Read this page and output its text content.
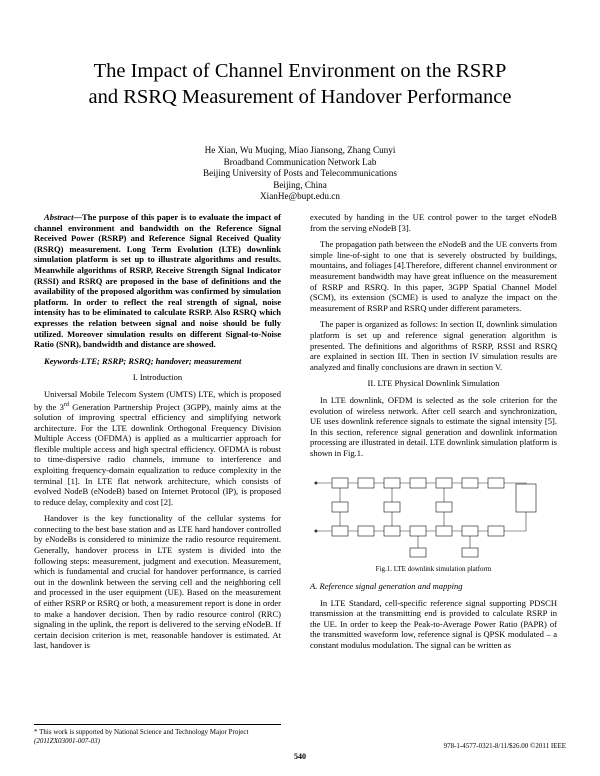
The Impact of Channel Environment on the RSRP
and RSRQ Measurement of Handover Performance
He Xian, Wu Muqing, Miao Jiansong, Zhang Cunyi
Broadband Communication Network Lab
Beijing University of Posts and Telecommunications
Beijing, China
XianHe@bupt.edu.cn

Abstract—The purpose of this paper is to evaluate the impact of channel environment and bandwidth on the Reference Signal Received Power (RSRP) and Reference Signal Received Quality (RSRQ) measurement. Long Term Evolution (LTE) downlink simulation platform is set up to illustrate algorithms and results. Meanwhile algorithms of RSRP, Receive Strength Signal Indicator (RSSI) and RSRQ are proposed in the base of definitions and the availability of the proposed algorithm was confirmed by simulation platform. In order to reflect the real strength of signal, noise intensity has to be eliminated to calculate RSRP. Also RSRQ which expresses the relation between signal and noise should be fully utilized. Moreover simulation results on different Signal-to-Noise Ratio (SNR), bandwidth and distance are showed.

Keywords-LTE; RSRP; RSRQ; handover; measurement

I. Introduction

Universal Mobile Telecom System (UMTS) LTE, which is proposed by the 3rd Generation Partnership Project (3GPP), mainly aims at the solution of improving spectral efficiency and simplifying network architecture. For the LTE downlink Orthogonal Frequency Division Multiple Access (OFDMA) is applied as a multicarrier approach for flexible multiple access and high spectral efficiency. OFDMA is robust to time-dispersive radio channels, immune to interference and exploiting frequency-domain equalization to reduce complexity in the terminal [1]. In LTE flat network architecture, which consists of evolved NodeB (eNodeB) based on Internet Protocol (IP), is proposed to reduce delay, complexity and cost [2].

Handover is the key functionality of the cellular systems for connecting to the best base station and as LTE hard handover controlled by eNodeBs is considered to minimize the radio resource requirement. Generally, handover process in LTE system is divided into the following steps: measurement, judgment and execution. Measurement, which is fundamental and crucial for handover performance, is carried out in the downlink between the serving cell and the neighboring cell and processed in the user equipment (UE). Based on the measurement of either RSRP or RSRQ or both, a measurement report is done in order to make a handover decision. Then by radio resource control (RRC) signaling in the uplink, the report is delivered to the serving eNodeB. If certain decision criterion is met, reasonable handover is estimated. At last, handover is

executed by handing in the UE control power to the target eNodeB from the serving eNodeB [3].

The propagation path between the eNodeB and the UE converts from simple line-of-sight to one that is severely obstructed by buildings, mountains, and foliages [4].Therefore, different channel environment or measurement bandwidth may have great influence on the measurement of RSRP and RSRQ. In this paper, 3GPP Spatial Channel Model (SCM), its extension (SCME) is used to analyze the impact on the measurement of RSRP and RSRQ under different parameters.

The paper is organized as follows: In section II, downlink simulation platform is set up and reference signal generation algorithm is presented. The definitions and algorithms of RSRP, RSSI and RSRQ are explained in section III. Then in section IV simulation results are analyzed and finally conclusions are drawn in section V.

II. LTE Physical Downlink Simulation

In LTE downlink, OFDM is selected as the sole criterion for the evolution of wireless network. After cell search and synchronization, UE uses downlink reference signals to estimate the signal intensity [5]. In this section, reference signal generation and downlink information processing are illustrated in detail. LTE downlink simulation platform is shown in Fig.1.

Fig.1. LTE downlink simulation platform

A. Reference signal generation and mapping

In LTE Standard, cell-specific reference signal supporting PDSCH transmission at the transmitting end is provided to calculate RSRP in the UE. In order to keep the Peak-to-Average Power Ratio (PAPR) of the transmitted waveform low, reference signal is QPSK modulated – a constant modulus modulation. The signal can be written as

* This work is supported by National Science and Technology Major Project
(2011ZX03001-007-03)
978-1-4577-0321-8/11/$26.00 ©2011 IEEE
540
